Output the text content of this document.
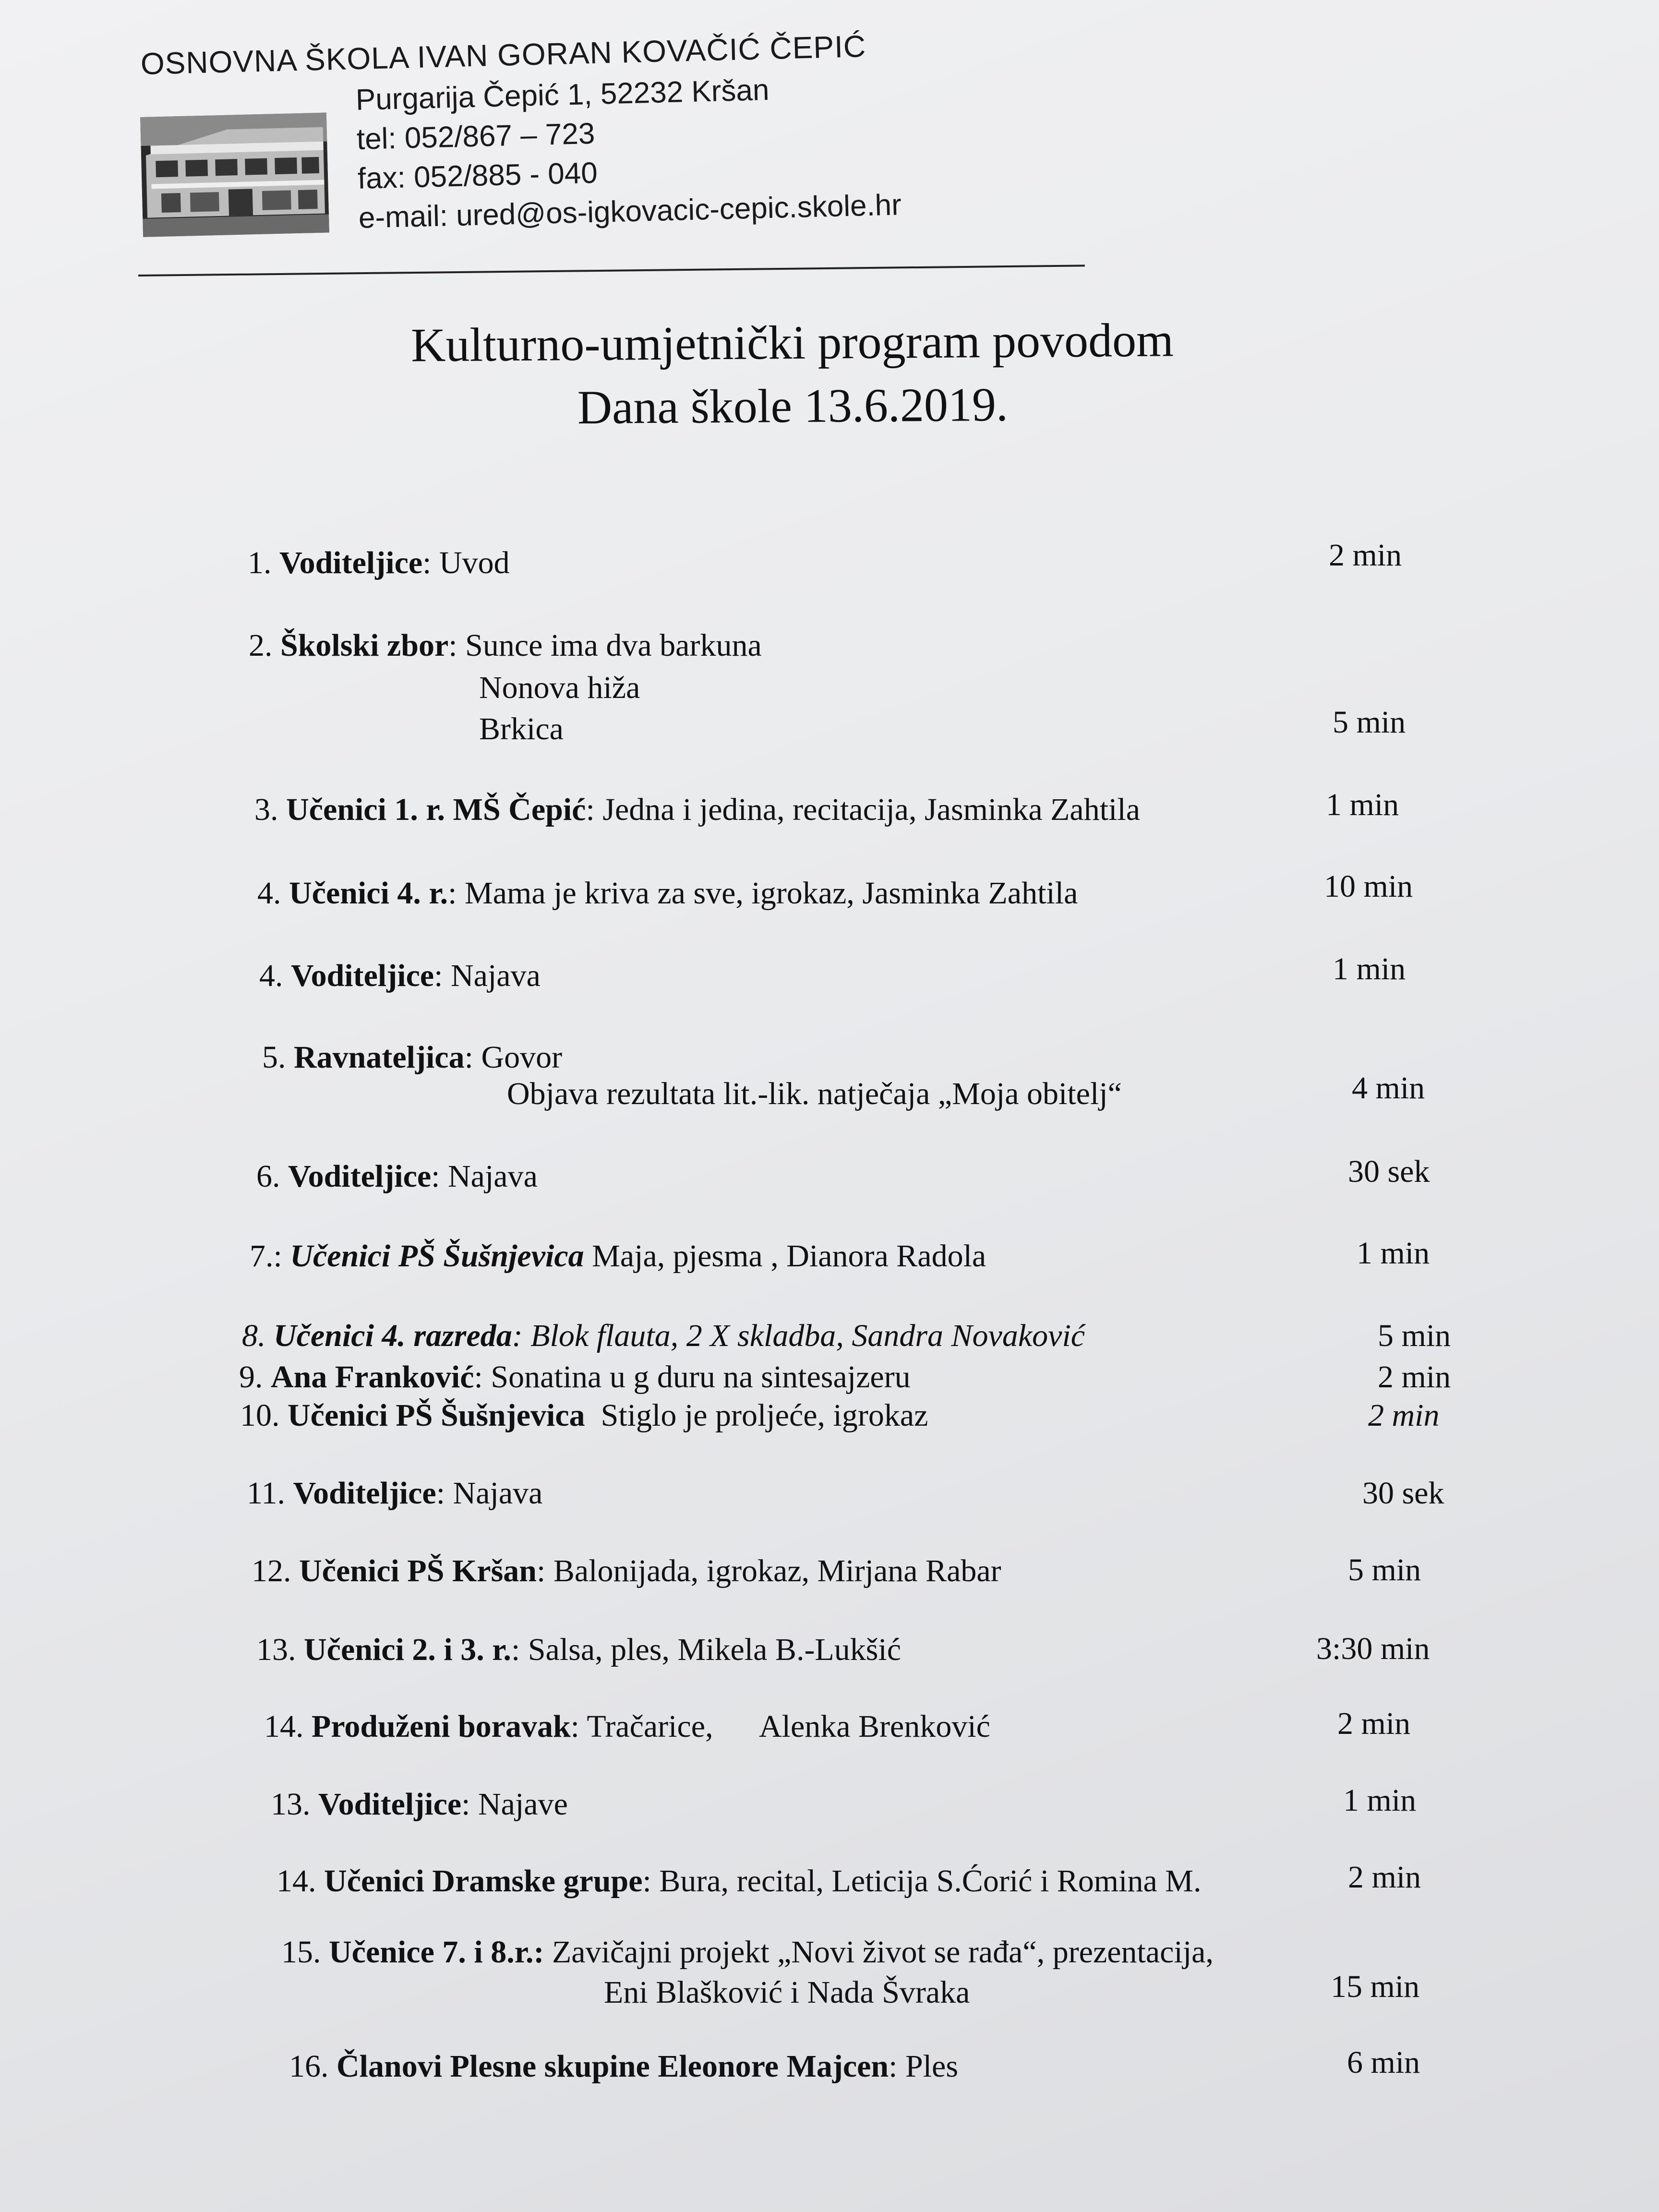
OSNOVNA ŠKOLA IVAN GORAN KOVAČIĆ ČEPIĆ
Purgarija Čepić 1, 52232 Kršan
tel: 052/867 – 723
fax: 052/885 - 040
e-mail: ured@os-igkovacic-cepic.skole.hr
Kulturno-umjetnički program povodom
Dana škole 13.6.2019.
1. Voditeljice: Uvod	2 min
2. Školski zbor: Sunce ima dva barkuna
Nonova hiža
Brkica	5 min
3. Učenici 1. r. MŠ Čepić: Jedna i jedina, recitacija, Jasminka Zahtila	1 min
4. Učenici 4. r.: Mama je kriva za sve, igrokaz, Jasminka Zahtila	10 min
4. Voditeljice: Najava	1 min
5. Ravnateljica: Govor
Objava rezultata lit.-lik. natječaja „Moja obitelj“	4 min
6. Voditeljice: Najava	30 sek
7.: Učenici PŠ Šušnjevica Maja, pjesma , Dianora Radola	1 min
8. Učenici 4. razreda: Blok flauta, 2 X skladba, Sandra Novaković	5 min
9. Ana Franković: Sonatina u g duru na sintesajzeru	2 min
10. Učenici PŠ Šušnjevica  Stiglo je proljeće, igrokaz	2 min
11. Voditeljice: Najava	30 sek
12. Učenici PŠ Kršan: Balonijada, igrokaz, Mirjana Rabar	5 min
13. Učenici 2. i 3. r.: Salsa, ples, Mikela B.-Lukšić	3:30 min
14. Produženi boravak: Tračarice,      Alenka Brenković	2 min
13. Voditeljice: Najave	1 min
14. Učenici Dramske grupe: Bura, recital, Leticija S.Ćorić i Romina M.	2 min
15. Učenice 7. i 8.r.: Zavičajni projekt „Novi život se rađa“, prezentacija,
Eni Blašković i Nada Švraka	15 min
16. Članovi Plesne skupine Eleonore Majcen: Ples	6 min
